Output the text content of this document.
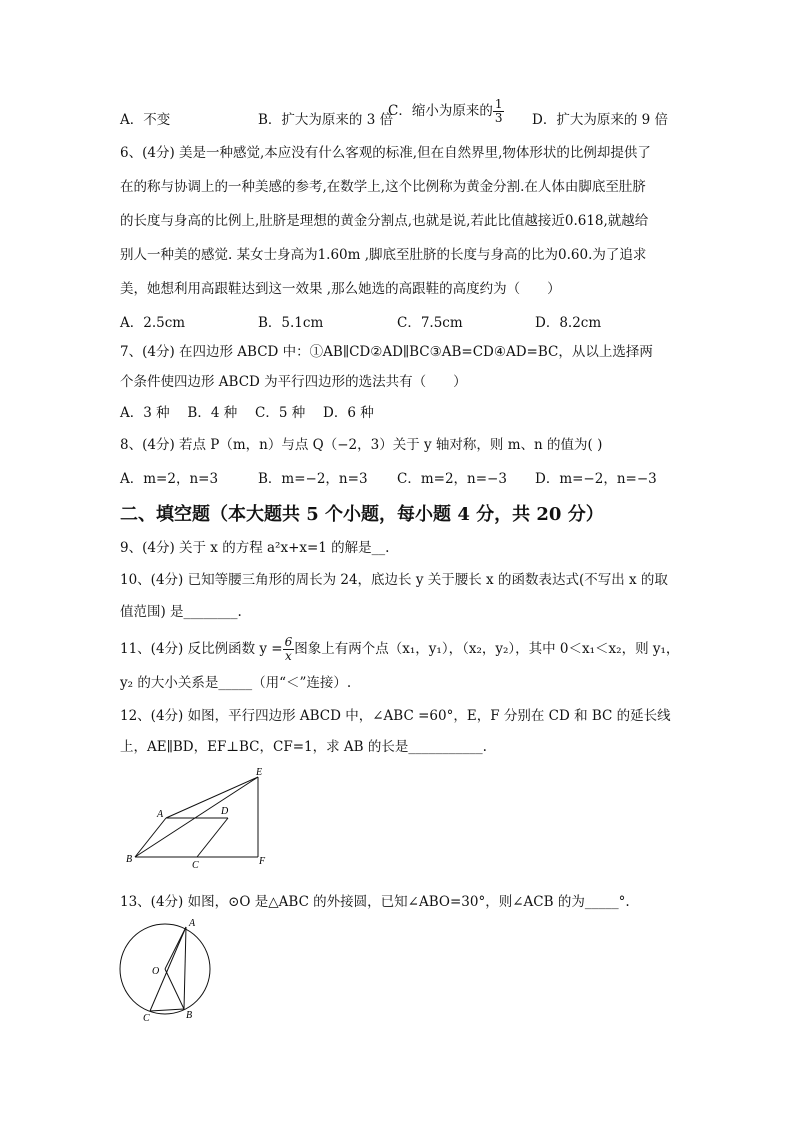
A．不变	B．扩大为原来的 3 倍
C．缩小为原来的 $\frac{1}{3}$ D．扩大为原来的 9 倍
6、(4分) 美是一种感觉,本应没有什么客观的标准,但在自然界里,物体形状的比例却提供了
在的称与协调上的一种美感的参考,在数学上,这个比例称为黄金分割.在人体由脚底至肚脐
的长度与身高的比例上,肚脐是理想的黄金分割点,也就是说,若此比值越接近0.618,就越给
别人一种美的感觉. 某女士身高为1.60m ,脚底至肚脐的长度与身高的比为0.60.为了追求
美，她想利用高跟鞋达到这一效果 ,那么她选的高跟鞋的高度约为（　　）
A．2.5cm	B．5.1cm	C．7.5cm	D．8.2cm
7、(4分) 在四边形 ABCD 中：①AB∥CD②AD∥BC③AB=CD④AD=BC，从以上选择两
个条件使四边形 ABCD 为平行四边形的选法共有（　　）
A．3 种　 B．4 种　 C．5 种　 D．6 种
8、(4分) 若点 P（m，n）与点 Q（−2，3）关于 y 轴对称，则 m、n 的值为( )
A．m=2，n=3	B．m=−2，n=3 C．m=2，n=−3 D．m=−2，n=−3
二、填空题（本大题共 5 个小题，每小题 4 分，共 20 分）
9、(4分) 关于 x 的方程 a²x+x=1 的解是__.
10、(4分) 已知等腰三角形的周长为 24，底边长 y 关于腰长 x 的函数表达式(不写出 x 的取
值范围) 是________.
11、(4分) 反比例函数 $y = \frac{6}{x}$ 图象上有两个点（x₁，y₁），（x₂，y₂），其中 0＜x₁＜x₂，则 y₁，
y₂ 的大小关系是_____（用“＜”连接）.
12、(4分) 如图，平行四边形 ABCD 中，∠ABC =60°，E，F 分别在 CD 和 BC 的延长线
上，AE∥BD，EF⊥BC，CF=1，求 AB 的长是___________.
E
D
A
B
C	F
13、(4分) 如图，⊙O 是△ABC 的外接圆，已知∠ABO=30°，则∠ACB 的为_____°.
A
O
C	B
